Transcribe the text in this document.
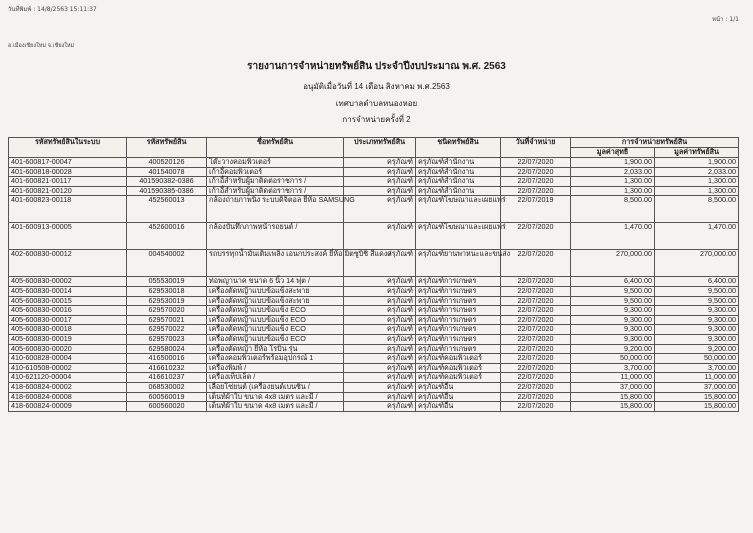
วันที่พิมพ์ : 14/8/2563 15:11:37
หน้า : 1/1
อ.เมืองเชียงใหม่ จ.เชียงใหม่
รายงานการจำหน่ายทรัพย์สิน ประจำปีงบประมาณ พ.ศ. 2563
อนุมัติเมื่อวันที่ 14 เดือน สิงหาคม พ.ศ.2563
เทศบาลตำบลหนองหอย
การจำหน่ายครั้งที่ 2
รหัสทรัพย์สินในระบบ	รหัสทรัพย์สิน	ชื่อทรัพย์สิน	ประเภททรัพย์สิน	ชนิดทรัพย์สิน	วันที่จำหน่าย	การจำหน่ายทรัพย์สิน	
						มูลค่าสุทธิ	มูลค่าทรัพย์สิน
401-600817-00047	400520126	โต๊ะวางคอมพิวเตอร์	ครุภัณฑ์	ครุภัณฑ์สำนักงาน	22/07/2020	1,900.00	1,900.00
401-600818-00028	401540078	เก้าอี้คอมพิวเตอร์	ครุภัณฑ์	ครุภัณฑ์สำนักงาน	22/07/2020	2,033.00	2,033.00
401-600821-00117	401590382-0386	เก้าอี้สำหรับผู้มาติดต่อราชการ /	ครุภัณฑ์	ครุภัณฑ์สำนักงาน	22/07/2020	1,300.00	1,300.00
401-600821-00120	401590385-0386	เก้าอี้สำหรับผู้มาติดต่อราชการ /	ครุภัณฑ์	ครุภัณฑ์สำนักงาน	22/07/2020	1,300.00	1,300.00
401-600823-00118	452560013	กล้องถ่ายภาพนิ่ง ระบบดิจิตอล ยี่ห้อ SAMSUNG	ครุภัณฑ์	ครุภัณฑ์โฆษณาและเผยแพร่	22/07/2019	8,500.00	8,500.00
401-600913-00005	452600016	กล้องบันทึกภาพหน้ารถยนต์ /	ครุภัณฑ์	ครุภัณฑ์โฆษณาและเผยแพร่	22/07/2020	1,470.00	1,470.00
402-600830-00012	004540002	รถบรรทุกน้ำมันเติมเพลิง เอนกประสงค์ ยี่ห้อ มิตซูบิชิ สีแดง /	ครุภัณฑ์	ครุภัณฑ์ยานพาหนะและขนส่ง	22/07/2020	270,000.00	270,000.00
405-600830-00002	055530019	ท่อพญานาค ขนาด 6 นิ้ว 14 ฟุต /	ครุภัณฑ์	ครุภัณฑ์การเกษตร	22/07/2020	6,400.00	6,400.00
405-600830-00014	629530018	เครื่องตัดหญ้าแบบข้อแข็งสะพาย	ครุภัณฑ์	ครุภัณฑ์การเกษตร	22/07/2020	9,500.00	9,500.00
405-600830-00015	629530019	เครื่องตัดหญ้าแบบข้อแข็งสะพาย	ครุภัณฑ์	ครุภัณฑ์การเกษตร	22/07/2020	9,500.00	9,500.00
405-600830-00016	629570020	เครื่องตัดหญ้าแบบข้อแข็ง ECO	ครุภัณฑ์	ครุภัณฑ์การเกษตร	22/07/2020	9,300.00	9,300.00
405-600830-00017	629570021	เครื่องตัดหญ้าแบบข้อแข็ง ECO	ครุภัณฑ์	ครุภัณฑ์การเกษตร	22/07/2020	9,300.00	9,300.00
405-600830-00018	629570022	เครื่องตัดหญ้าแบบข้อแข็ง ECO	ครุภัณฑ์	ครุภัณฑ์การเกษตร	22/07/2020	9,300.00	9,300.00
405-600830-00019	629570023	เครื่องตัดหญ้าแบบข้อแข็ง ECO	ครุภัณฑ์	ครุภัณฑ์การเกษตร	22/07/2020	9,300.00	9,300.00
405-600830-00020	629580024	เครื่องตัดหญ้า ยี่ห้อ โรบิน รุ่น	ครุภัณฑ์	ครุภัณฑ์การเกษตร	22/07/2020	9,200.00	9,200.00
410-600828-00004	416500016	เครื่องคอมพิวเตอร์พร้อมอุปกรณ์ 1	ครุภัณฑ์	ครุภัณฑ์คอมพิวเตอร์	22/07/2020	50,000.00	50,000.00
410-610508-00002	416610232	เครื่องพิมพ์ /	ครุภัณฑ์	ครุภัณฑ์คอมพิวเตอร์	22/07/2020	3,700.00	3,700.00
410-621120-00004	416610237	เครื่องเท็ปเล็ต /	ครุภัณฑ์	ครุภัณฑ์คอมพิวเตอร์	22/07/2020	11,000.00	11,000.00
418-600824-00002	068530002	เลื่อยโซ่ยนต์ (เครื่องยนต์เบนซิน /	ครุภัณฑ์	ครุภัณฑ์อื่น	22/07/2020	37,000.00	37,000.00
418-600824-00008	600560019	เต็นท์ผ้าใบ ขนาด 4x8 เมตร และมี /	ครุภัณฑ์	ครุภัณฑ์อื่น	22/07/2020	15,800.00	15,800.00
418-600824-00009	600560020	เต็นท์ผ้าใบ ขนาด 4x8 เมตร และมี /	ครุภัณฑ์	ครุภัณฑ์อื่น	22/07/2020	15,800.00	15,800.00
